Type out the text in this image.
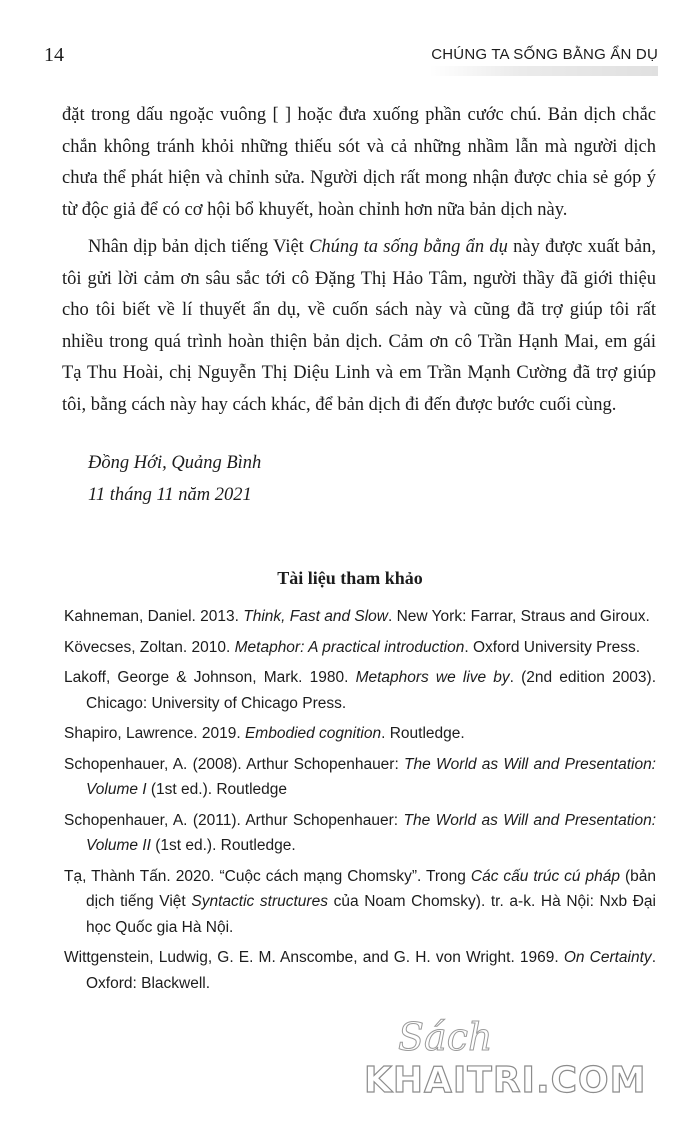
14	CHÚNG TA SỐNG BẰNG ẨN DỤ

đặt trong dấu ngoặc vuông [ ] hoặc đưa xuống phần cước chú. Bản dịch chắc chắn không tránh khỏi những thiếu sót và cả những nhầm lẫn mà người dịch chưa thể phát hiện và chỉnh sửa. Người dịch rất mong nhận được chia sẻ góp ý từ độc giả để có cơ hội bổ khuyết, hoàn chỉnh hơn nữa bản dịch này.

Nhân dịp bản dịch tiếng Việt Chúng ta sống bằng ẩn dụ này được xuất bản, tôi gửi lời cảm ơn sâu sắc tới cô Đặng Thị Hảo Tâm, người thầy đã giới thiệu cho tôi biết về lí thuyết ẩn dụ, về cuốn sách này và cũng đã trợ giúp tôi rất nhiều trong quá trình hoàn thiện bản dịch. Cảm ơn cô Trần Hạnh Mai, em gái Tạ Thu Hoài, chị Nguyễn Thị Diệu Linh và em Trần Mạnh Cường đã trợ giúp tôi, bằng cách này hay cách khác, để bản dịch đi đến được bước cuối cùng.

Đồng Hới, Quảng Bình
11 tháng 11 năm 2021
Tài liệu tham khảo

Kahneman, Daniel. 2013. Think, Fast and Slow. New York: Farrar, Straus and Giroux.

Kövecses, Zoltan. 2010. Metaphor: A practical introduction. Oxford University Press.

Lakoff, George & Johnson, Mark. 1980. Metaphors we live by. (2nd edition 2003). Chicago: University of Chicago Press.

Shapiro, Lawrence. 2019. Embodied cognition. Routledge.

Schopenhauer, A. (2008). Arthur Schopenhauer: The World as Will and Presentation: Volume I (1st ed.). Routledge

Schopenhauer, A. (2011). Arthur Schopenhauer: The World as Will and Presentation: Volume II (1st ed.). Routledge.

Tạ, Thành Tấn. 2020. “Cuộc cách mạng Chomsky”. Trong Các cấu trúc cú pháp (bản dịch tiếng Việt Syntactic structures của Noam Chomsky). tr. a-k. Hà Nội: Nxb Đại học Quốc gia Hà Nội.

Wittgenstein, Ludwig, G. E. M. Anscombe, and G. H. von Wright. 1969. On Certainty. Oxford: Blackwell.

Sách
KHAITRI.COM
